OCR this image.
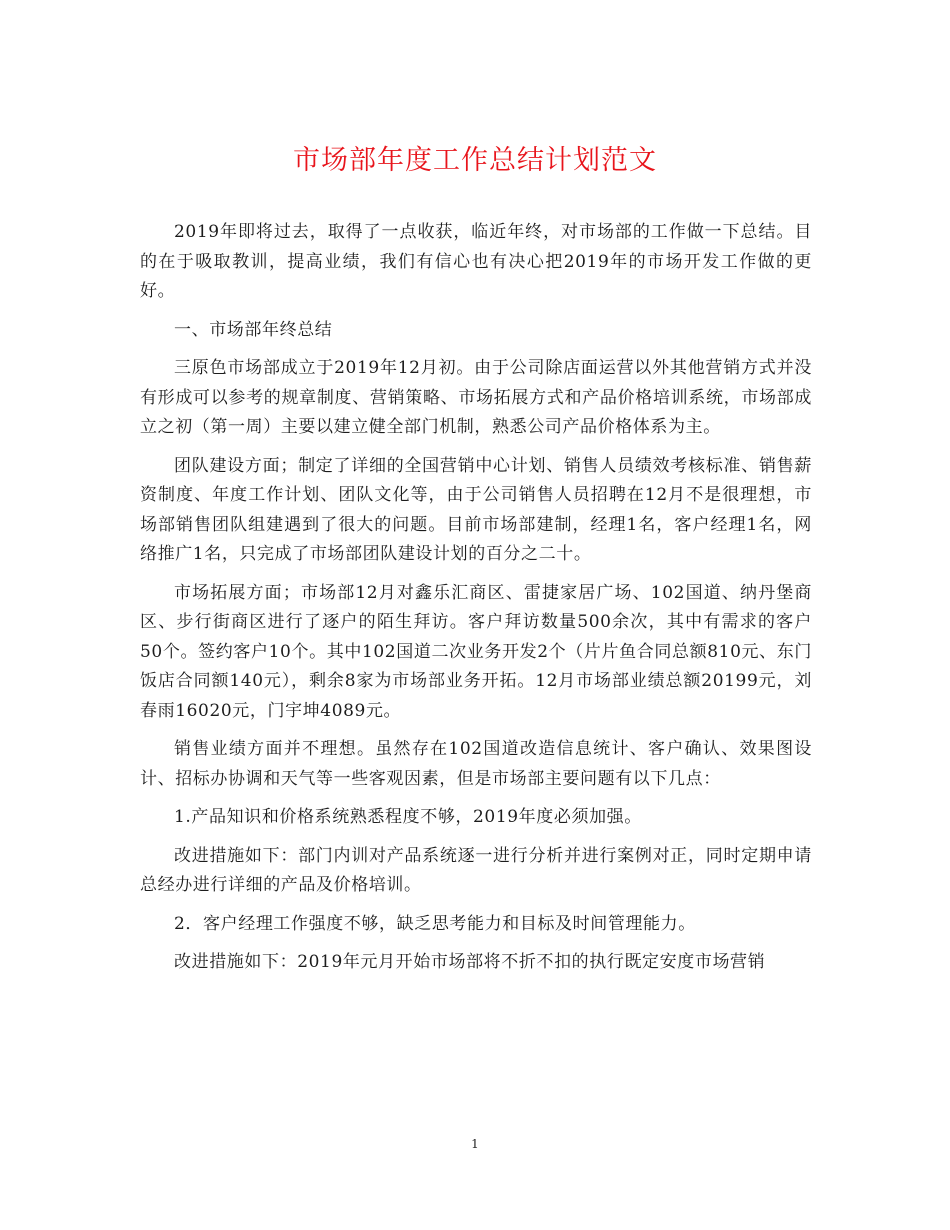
市场部年度工作总结计划范文

2019年即将过去，取得了一点收获，临近年终，对市场部的工作做一下总结。目的在于吸取教训，提高业绩，我们有信心也有决心把2019年的市场开发工作做的更好。

一、市场部年终总结

三原色市场部成立于2019年12月初。由于公司除店面运营以外其他营销方式并没有形成可以参考的规章制度、营销策略、市场拓展方式和产品价格培训系统，市场部成立之初（第一周）主要以建立健全部门机制，熟悉公司产品价格体系为主。

团队建设方面；制定了详细的全国营销中心计划、销售人员绩效考核标准、销售薪资制度、年度工作计划、团队文化等，由于公司销售人员招聘在12月不是很理想，市场部销售团队组建遇到了很大的问题。目前市场部建制，经理1名，客户经理1名，网络推广1名，只完成了市场部团队建设计划的百分之二十。

市场拓展方面；市场部12月对鑫乐汇商区、雷捷家居广场、102国道、纳丹堡商区、步行街商区进行了逐户的陌生拜访。客户拜访数量500余次，其中有需求的客户50个。签约客户10个。其中102国道二次业务开发2个（片片鱼合同总额810元、东门饭店合同额140元），剩余8家为市场部业务开拓。12月市场部业绩总额20199元，刘春雨16020元，门宇坤4089元。

销售业绩方面并不理想。虽然存在102国道改造信息统计、客户确认、效果图设计、招标办协调和天气等一些客观因素，但是市场部主要问题有以下几点：

1.产品知识和价格系统熟悉程度不够，2019年度必须加强。

改进措施如下：部门内训对产品系统逐一进行分析并进行案例对正，同时定期申请总经办进行详细的产品及价格培训。

2．客户经理工作强度不够，缺乏思考能力和目标及时间管理能力。

改进措施如下：2019年元月开始市场部将不折不扣的执行既定安度市场营销

1
